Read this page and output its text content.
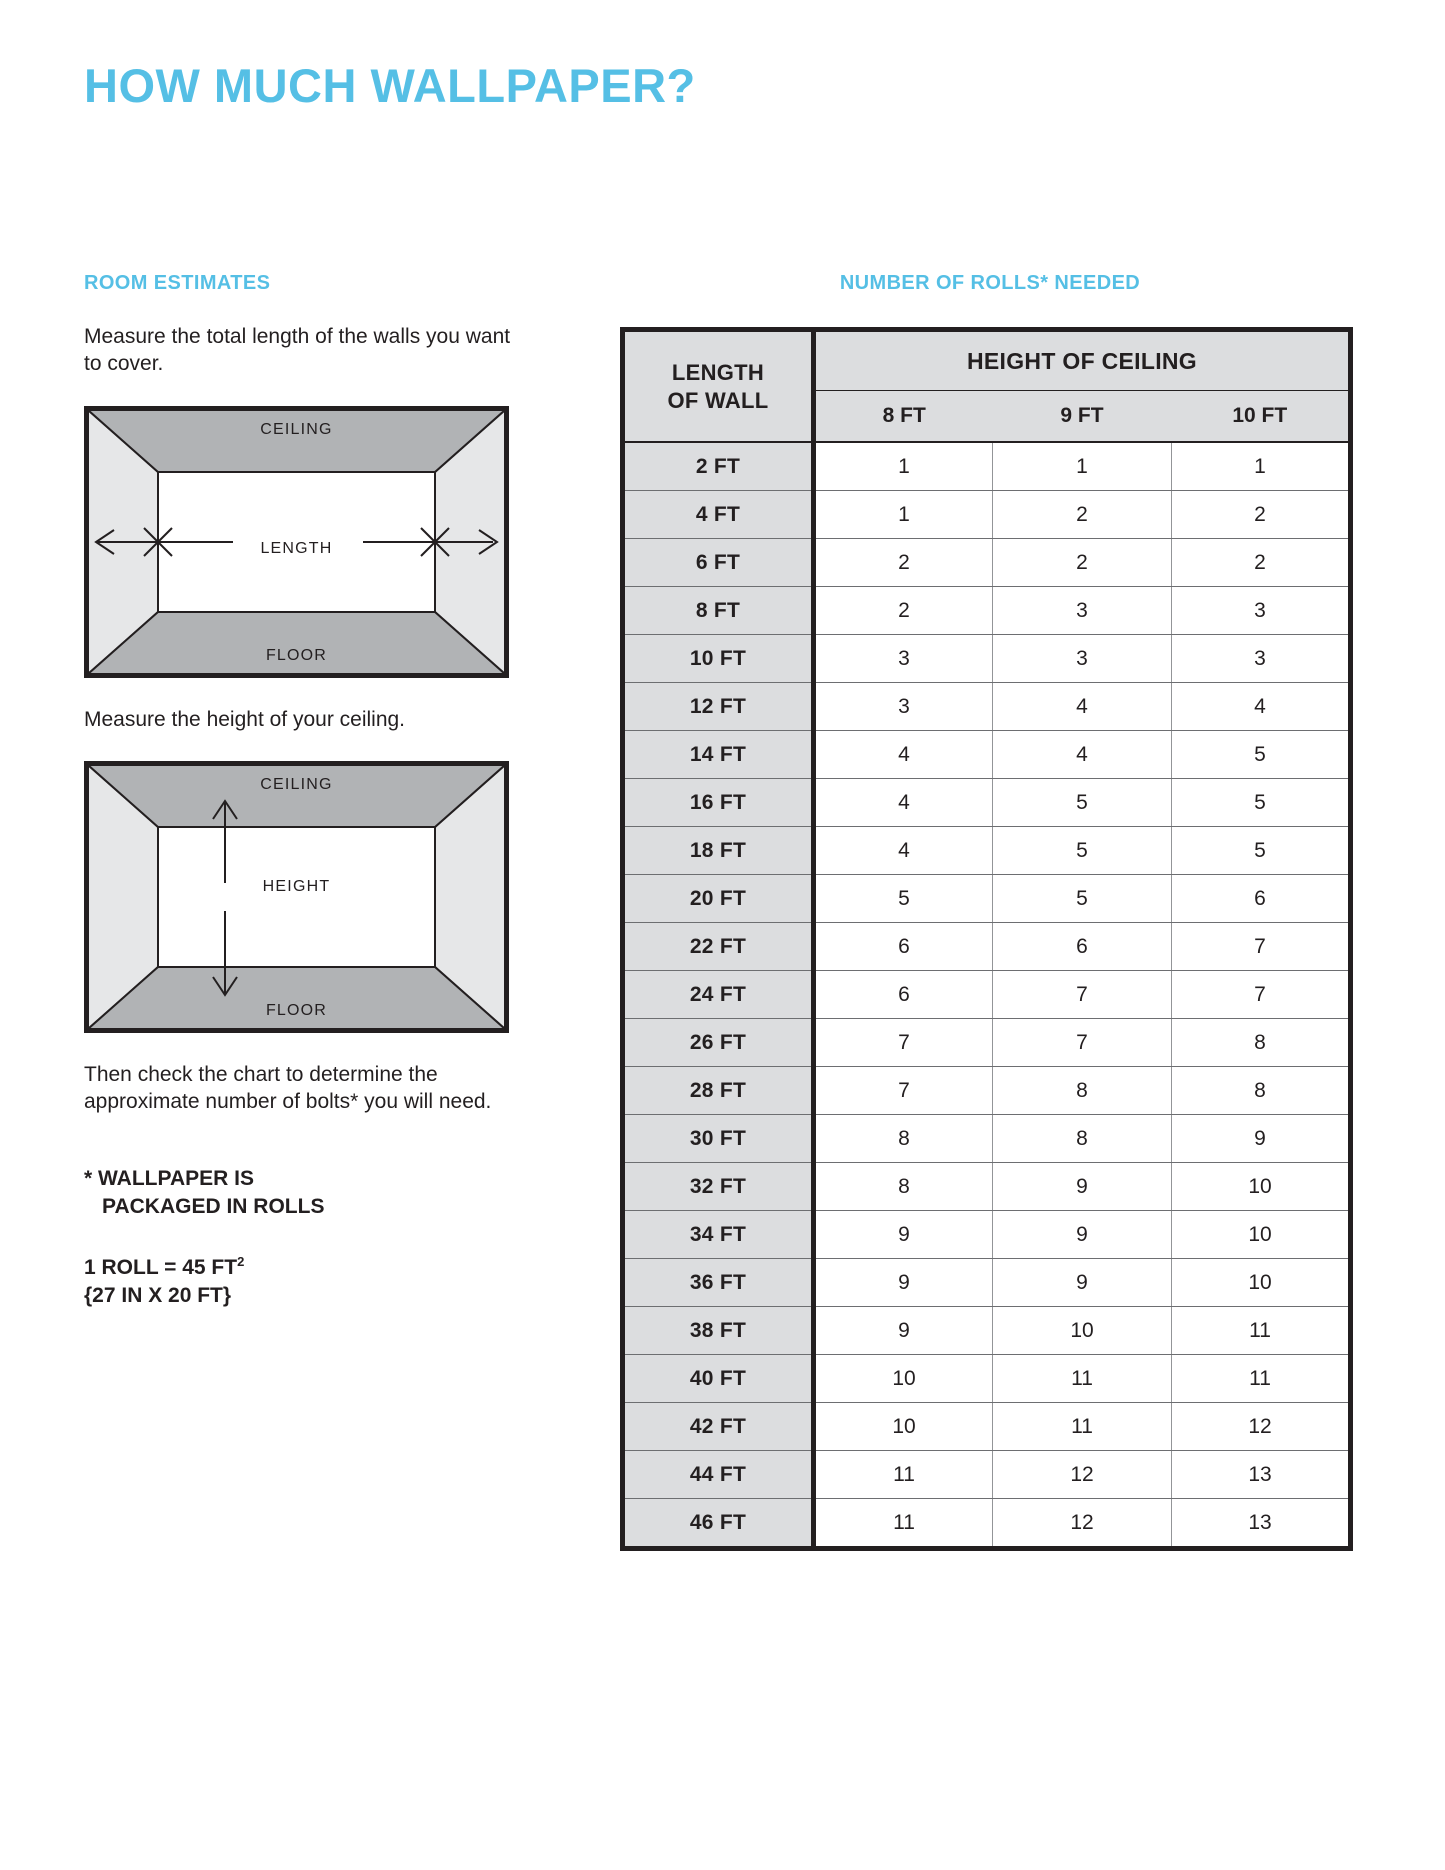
HOW MUCH WALLPAPER?
ROOM ESTIMATES
Measure the total length of the walls you want to cover.
CEILING
FLOOR
LENGTH
Measure the height of your ceiling.
CEILING
FLOOR
HEIGHT
Then check the chart to determine the approximate number of bolts* you will need.
* WALLPAPER IS
PACKAGED IN ROLLS
1 ROLL = 45 $FT^2$
{27 IN X 20 FT}
NUMBER OF ROLLS* NEEDED
LENGTH
OF WALL	HEIGHT OF CEILING		
	8 FT	9 FT	10 FT
2 FT	1	1	1
4 FT	1	2	2
6 FT	2	2	2
8 FT	2	3	3
10 FT	3	3	3
12 FT	3	4	4
14 FT	4	4	5
16 FT	4	5	5
18 FT	4	5	5
20 FT	5	5	6
22 FT	6	6	7
24 FT	6	7	7
26 FT	7	7	8
28 FT	7	8	8
30 FT	8	8	9
32 FT	8	9	10
34 FT	9	9	10
36 FT	9	9	10
38 FT	9	10	11
40 FT	10	11	11
42 FT	10	11	12
44 FT	11	12	13
46 FT	11	12	13
